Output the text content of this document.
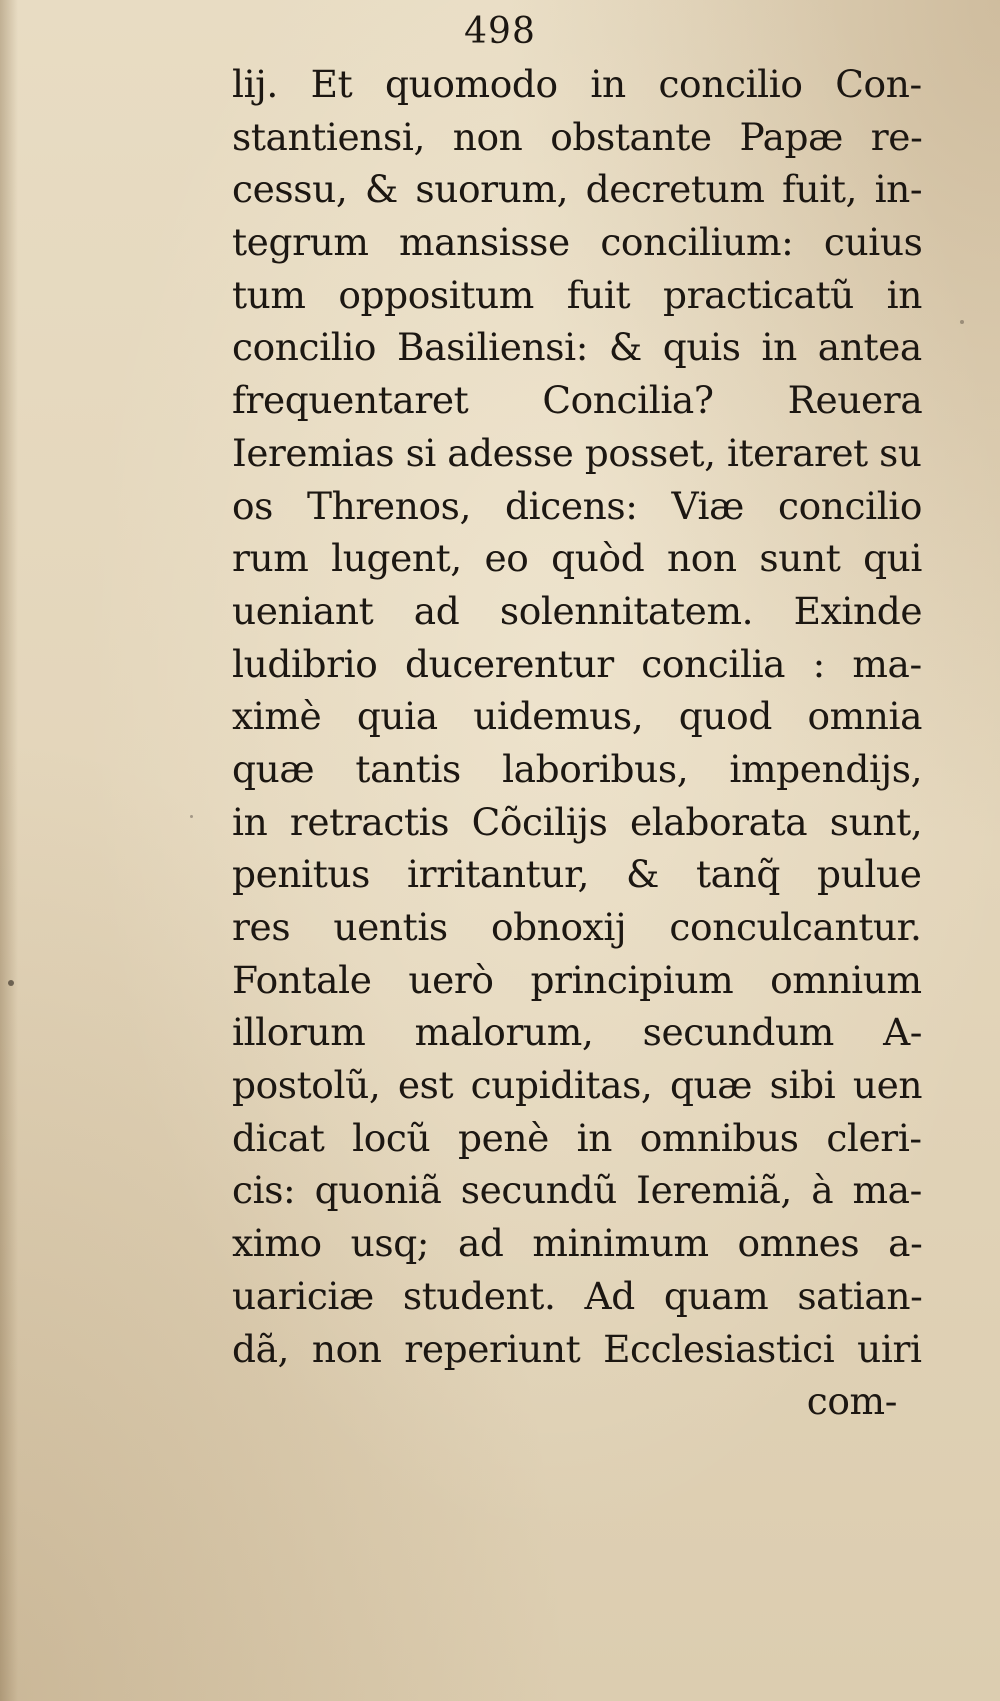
498
lij. Et quomodo in concilio Con-
stantiensi, non obstante Papæ re-
cessu, & suorum, decretum fuit, in-
tegrum mansisse concilium: cuius
tum oppositum fuit practicatũ in
concilio Basiliensi: & quis in antea
frequentaret Concilia? Reuera
Ieremias si adesse posset, iteraret su
os Threnos, dicens: Viæ concilio
rum lugent, eo quòd non sunt qui
ueniant ad solennitatem. Exinde
ludibrio ducerentur concilia : ma-
ximè quia uidemus, quod omnia
quæ tantis laboribus, impendijs,
in retractis Cõcilijs elaborata sunt,
penitus irritantur, & tanq̃ pulue
res uentis obnoxij conculcantur.
Fontale uerò principium omnium
illorum malorum, secundum A-
postolũ, est cupiditas, quæ sibi uen
dicat locũ penè in omnibus cleri-
cis: quoniã secundũ Ieremiã, à ma-
ximo usq; ad minimum omnes a-
uariciæ student. Ad quam satian-
dã, non reperiunt Ecclesiastici uiri
com-
